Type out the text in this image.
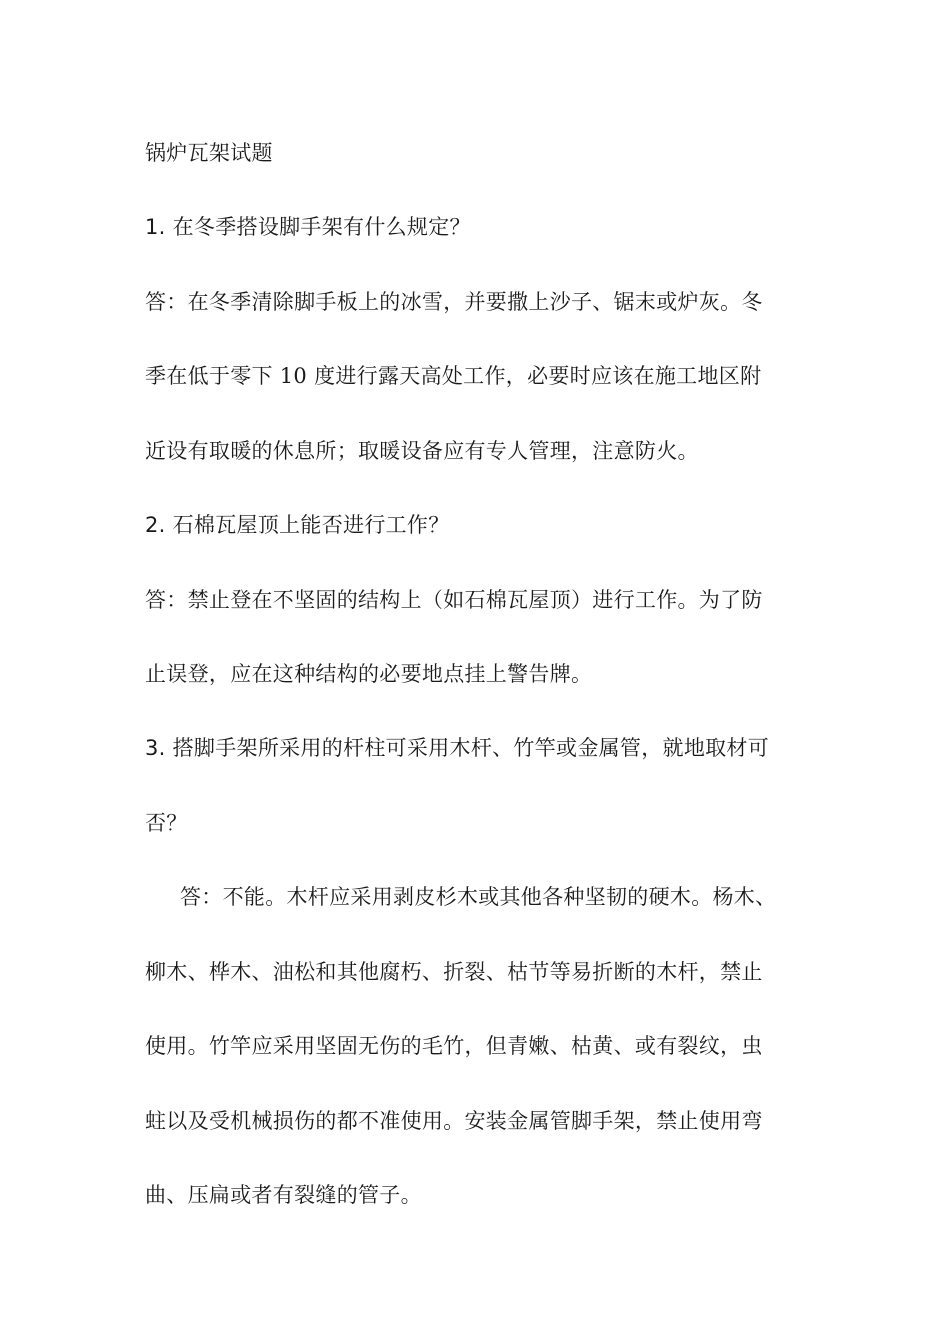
锅炉瓦架试题
1. 在冬季搭设脚手架有什么规定？
答：在冬季清除脚手板上的冰雪，并要撒上沙子、锯末或炉灰。冬
季在低于零下 10 度进行露天高处工作，必要时应该在施工地区附
近设有取暖的休息所；取暖设备应有专人管理，注意防火。
2. 石棉瓦屋顶上能否进行工作？
答：禁止登在不坚固的结构上（如石棉瓦屋顶）进行工作。为了防
止误登，应在这种结构的必要地点挂上警告牌。
3. 搭脚手架所采用的杆柱可采用木杆、竹竿或金属管，就地取材可
否？
答：不能。木杆应采用剥皮杉木或其他各种坚韧的硬木。杨木、
柳木、桦木、油松和其他腐朽、折裂、枯节等易折断的木杆，禁止
使用。竹竿应采用坚固无伤的毛竹，但青嫩、枯黄、或有裂纹，虫
蛀以及受机械损伤的都不准使用。安装金属管脚手架，禁止使用弯
曲、压扁或者有裂缝的管子。
